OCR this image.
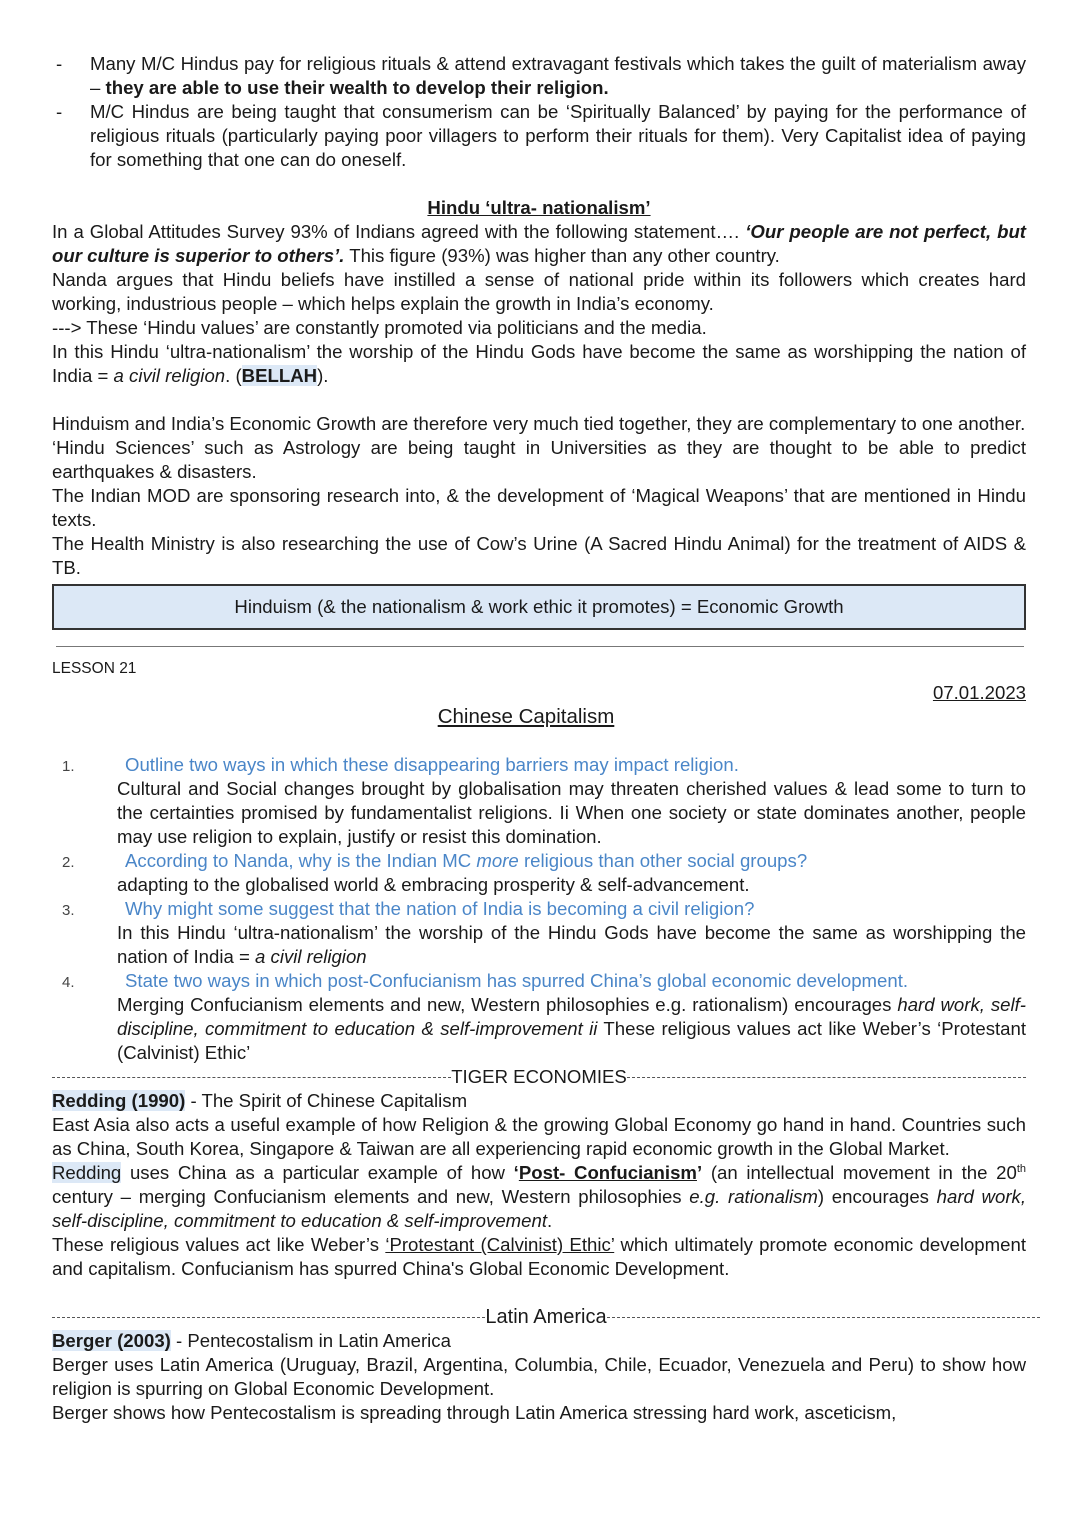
- Many M/C Hindus pay for religious rituals & attend extravagant festivals which takes the guilt of materialism away – they are able to use their wealth to develop their religion.
- M/C Hindus are being taught that consumerism can be ‘Spiritually Balanced’ by paying for the performance of religious rituals (particularly paying poor villagers to perform their rituals for them). Very Capitalist idea of paying for something that one can do oneself.

Hindu ‘ultra- nationalism’

In a Global Attitudes Survey 93% of Indians agreed with the following statement…. ‘Our people are not perfect, but our culture is superior to others’. This figure (93%) was higher than any other country.

Nanda argues that Hindu beliefs have instilled a sense of national pride within its followers which creates hard working, industrious people – which helps explain the growth in India’s economy.

---> These ‘Hindu values’ are constantly promoted via politicians and the media.

In this Hindu ‘ultra-nationalism’ the worship of the Hindu Gods have become the same as worshipping the nation of India = a civil religion. (BELLAH).

Hinduism and India’s Economic Growth are therefore very much tied together, they are complementary to one another.

‘Hindu Sciences’ such as Astrology are being taught in Universities as they are thought to be able to predict earthquakes & disasters.

The Indian MOD are sponsoring research into, & the development of ‘Magical Weapons’ that are mentioned in Hindu texts.

The Health Ministry is also researching the use of Cow’s Urine (A Sacred Hindu Animal) for the treatment of AIDS & TB.

Hinduism (& the nationalism & work ethic it promotes) = Economic Growth
LESSON 21
07.01.2023
Chinese Capitalism
1.	Outline two ways in which these disappearing barriers may impact religion.
Cultural and Social changes brought by globalisation may threaten cherished values & lead some to turn to the certainties promised by fundamentalist religions. Ii When one society or state dominates another, people may use religion to explain, justify or resist this domination.
2.	According to Nanda, why is the Indian MC more religious than other social groups?
adapting to the globalised world & embracing prosperity & self-advancement.
3.	Why might some suggest that the nation of India is becoming a civil religion?
In this Hindu ‘ultra-nationalism’ the worship of the Hindu Gods have become the same as worshipping the nation of India = a civil religion
4.	State two ways in which post-Confucianism has spurred China’s global economic development.
Merging Confucianism elements and new, Western philosophies e.g. rationalism) encourages hard work, self-discipline, commitment to education & self-improvement ii These religious values act like Weber’s ‘Protestant (Calvinist) Ethic’
TIGER ECONOMIES

Redding (1990) - The Spirit of Chinese Capitalism

East Asia also acts a useful example of how Religion & the growing Global Economy go hand in hand. Countries such as China, South Korea, Singapore & Taiwan are all experiencing rapid economic growth in the Global Market.

Redding uses China as a particular example of how ‘Post- Confucianism’ (an intellectual movement in the 20th century – merging Confucianism elements and new, Western philosophies e.g. rationalism) encourages hard work, self-discipline, commitment to education & self-improvement.

These religious values act like Weber’s ‘Protestant (Calvinist) Ethic’ which ultimately promote economic development and capitalism. Confucianism has spurred China's Global Economic Development.

Latin America

Berger (2003) - Pentecostalism in Latin America

Berger uses Latin America (Uruguay, Brazil, Argentina, Columbia, Chile, Ecuador, Venezuela and Peru) to show how religion is spurring on Global Economic Development.

Berger shows how Pentecostalism is spreading through Latin America stressing hard work, asceticism,
